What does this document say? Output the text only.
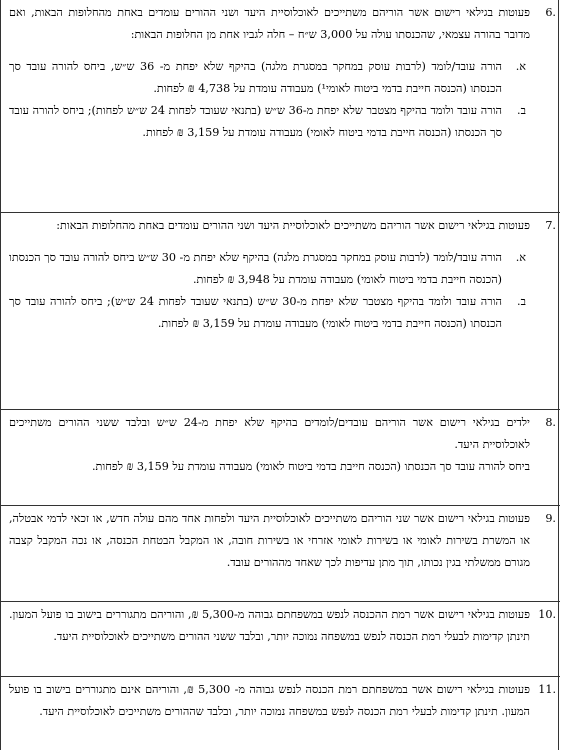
6.

פעוטות בגילאי רישום אשר הוריהם משתייכים לאוכלוסיית היעד ושני ההורים עומדים באחת מהחלופות הבאות, ואם מדובר בהורה עצמאי, שהכנסתו עולה על 3,000 ש״ח – חלה לגביו אחת מן החלופות הבאות:

א.

הורה עובד/לומד (לרבות עוסק במחקר במסגרת מלגה) בהיקף שלא יפחת מ- 36 ש״ש, ביחס להורה עובד סך הכנסתו (הכנסה חייבת בדמי ביטוח לאומי¹) מעבודה עומדת על 4,738 ₪ לפחות.

ב.

הורה עובד ולומד בהיקף מצטבר שלא יפחת מ-36 ש״ש (בתנאי שעובד לפחות 24 ש״ש לפחות); ביחס להורה עובד סך הכנסתו (הכנסה חייבת בדמי ביטוח לאומי) מעבודה עומדת על 3,159 ₪ לפחות.

7.

פעוטות בגילאי רישום אשר הוריהם משתייכים לאוכלוסיית היעד ושני ההורים עומדים באחת מהחלופות הבאות:

א.

הורה עובד/לומד (לרבות עוסק במחקר במסגרת מלגה) בהיקף שלא יפחת מ- 30 ש״ש ביחס להורה עובד סך הכנסתו (הכנסה חייבת בדמי ביטוח לאומי) מעבודה עומדת על 3,948 ₪ לפחות.

ב.

הורה עובד ולומד בהיקף מצטבר שלא יפחת מ-30 ש״ש (בתנאי שעובד לפחות 24 ש״ש); ביחס להורה עובד סך הכנסתו (הכנסה חייבת בדמי ביטוח לאומי) מעבודה עומדת על 3,159 ₪ לפחות.

8.

ילדים בגילאי רישום אשר הוריהם עובדים/לומדים בהיקף שלא יפחת מ-24 ש״ש ובלבד ששני ההורים משתייכים לאוכלוסיית היעד.

ביחס להורה עובד סך הכנסתו (הכנסה חייבת בדמי ביטוח לאומי) מעבודה עומדת על 3,159 ₪ לפחות.

9.

פעוטות בגילאי רישום אשר שני הוריהם משתייכים לאוכלוסיית היעד ולפחות אחד מהם עולה חדש, או זכאי לדמי אבטלה, או המשרת בשירות לאומי או בשירות לאומי אזרחי או בשירות חובה, או המקבל הבטחת הכנסה, או נכה המקבל קצבה מגורם ממשלתי בגין נכותו, תוך מתן עדיפות לכך שאחד מההורים עובד.

10.

פעוטות בגילאי רישום אשר רמת ההכנסה לנפש במשפחתם גבוהה מ-5,300 ₪, והוריהם מתגוררים בישוב בו פועל המעון. תינתן קדימות לבעלי רמת הכנסה לנפש במשפחה נמוכה יותר, ובלבד ששני ההורים משתייכים לאוכלוסיית היעד.

11.

פעוטות בגילאי רישום אשר במשפחתם רמת הכנסה לנפש גבוהה מ- 5,300 ₪, והוריהם אינם מתגוררים בישוב בו פועל המעון. תינתן קדימות לבעלי רמת הכנסה לנפש במשפחה נמוכה יותר, ובלבד שההורים משתייכים לאוכלוסיית היעד.
